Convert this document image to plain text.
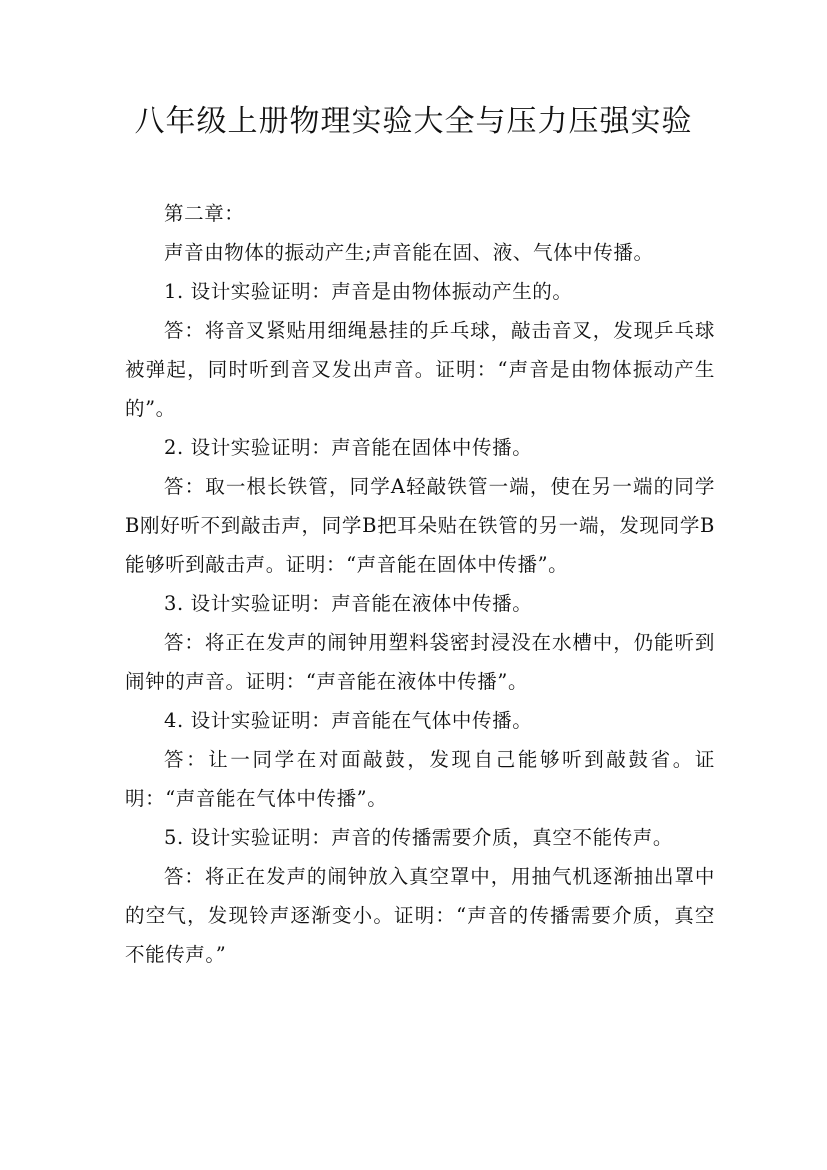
八年级上册物理实验大全与压力压强实验

第二章：

声音由物体的振动产生;声音能在固、液、气体中传播。

1. 设计实验证明：声音是由物体振动产生的。

答：将音叉紧贴用细绳悬挂的乒乓球，敲击音叉，发现乒乓球被弹起，同时听到音叉发出声音。证明：“声音是由物体振动产生的”。

2. 设计实验证明：声音能在固体中传播。

答：取一根长铁管，同学A轻敲铁管一端，使在另一端的同学B刚好听不到敲击声，同学B把耳朵贴在铁管的另一端，发现同学B能够听到敲击声。证明：“声音能在固体中传播”。

3. 设计实验证明：声音能在液体中传播。

答：将正在发声的闹钟用塑料袋密封浸没在水槽中，仍能听到闹钟的声音。证明：“声音能在液体中传播”。

4. 设计实验证明：声音能在气体中传播。

答：让一同学在对面敲鼓，发现自己能够听到敲鼓省。证明：“声音能在气体中传播”。

5. 设计实验证明：声音的传播需要介质，真空不能传声。

答：将正在发声的闹钟放入真空罩中，用抽气机逐渐抽出罩中的空气，发现铃声逐渐变小。证明：“声音的传播需要介质，真空不能传声。”
